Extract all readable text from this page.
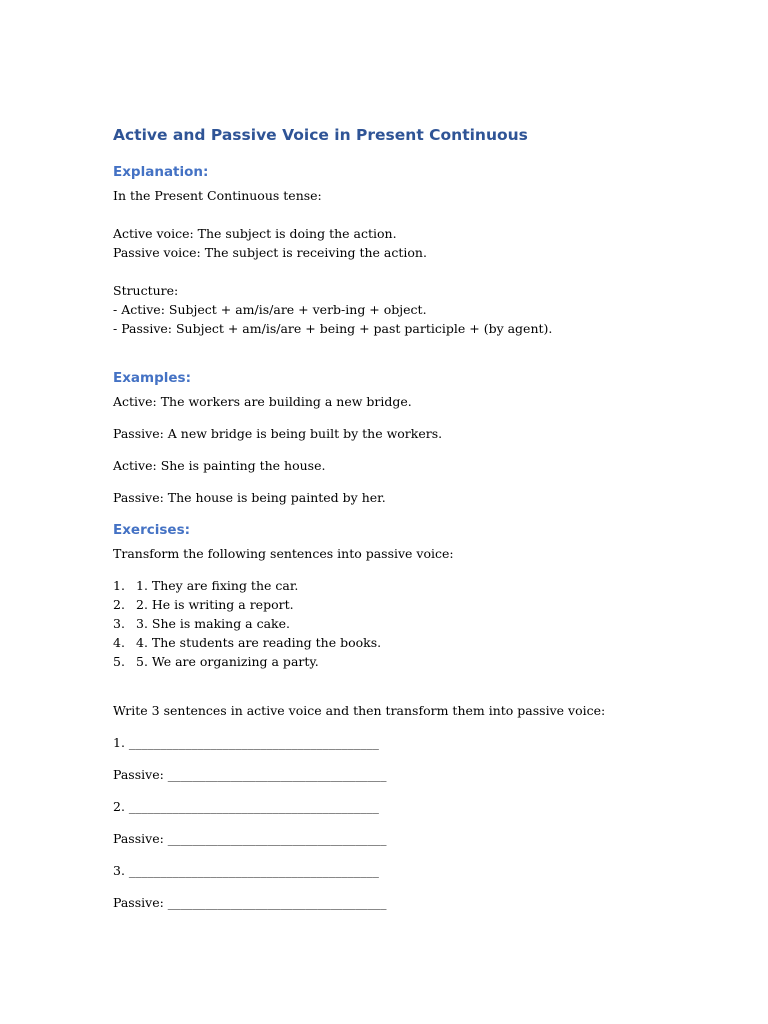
Active and Passive Voice in Present Continuous
Explanation:

In the Present Continuous tense:

Active voice: The subject is doing the action.

Passive voice: The subject is receiving the action.

Structure:

- Active: Subject + am/is/are + verb-ing + object.

- Passive: Subject + am/is/are + being + past participle + (by agent).

Examples:

Active: The workers are building a new bridge.

Passive: A new bridge is being built by the workers.

Active: She is painting the house.

Passive: The house is being painted by her.

Exercises:

Transform the following sentences into passive voice:

1. 1. They are fixing the car.
2. 2. He is writing a report.
3. 3. She is making a cake.
4. 4. The students are reading the books.
5. 5. We are organizing a party.

Write 3 sentences in active voice and then transform them into passive voice:

1. ________________________________________

Passive: ___________________________________

2. ________________________________________

Passive: ___________________________________

3. ________________________________________

Passive: ___________________________________
